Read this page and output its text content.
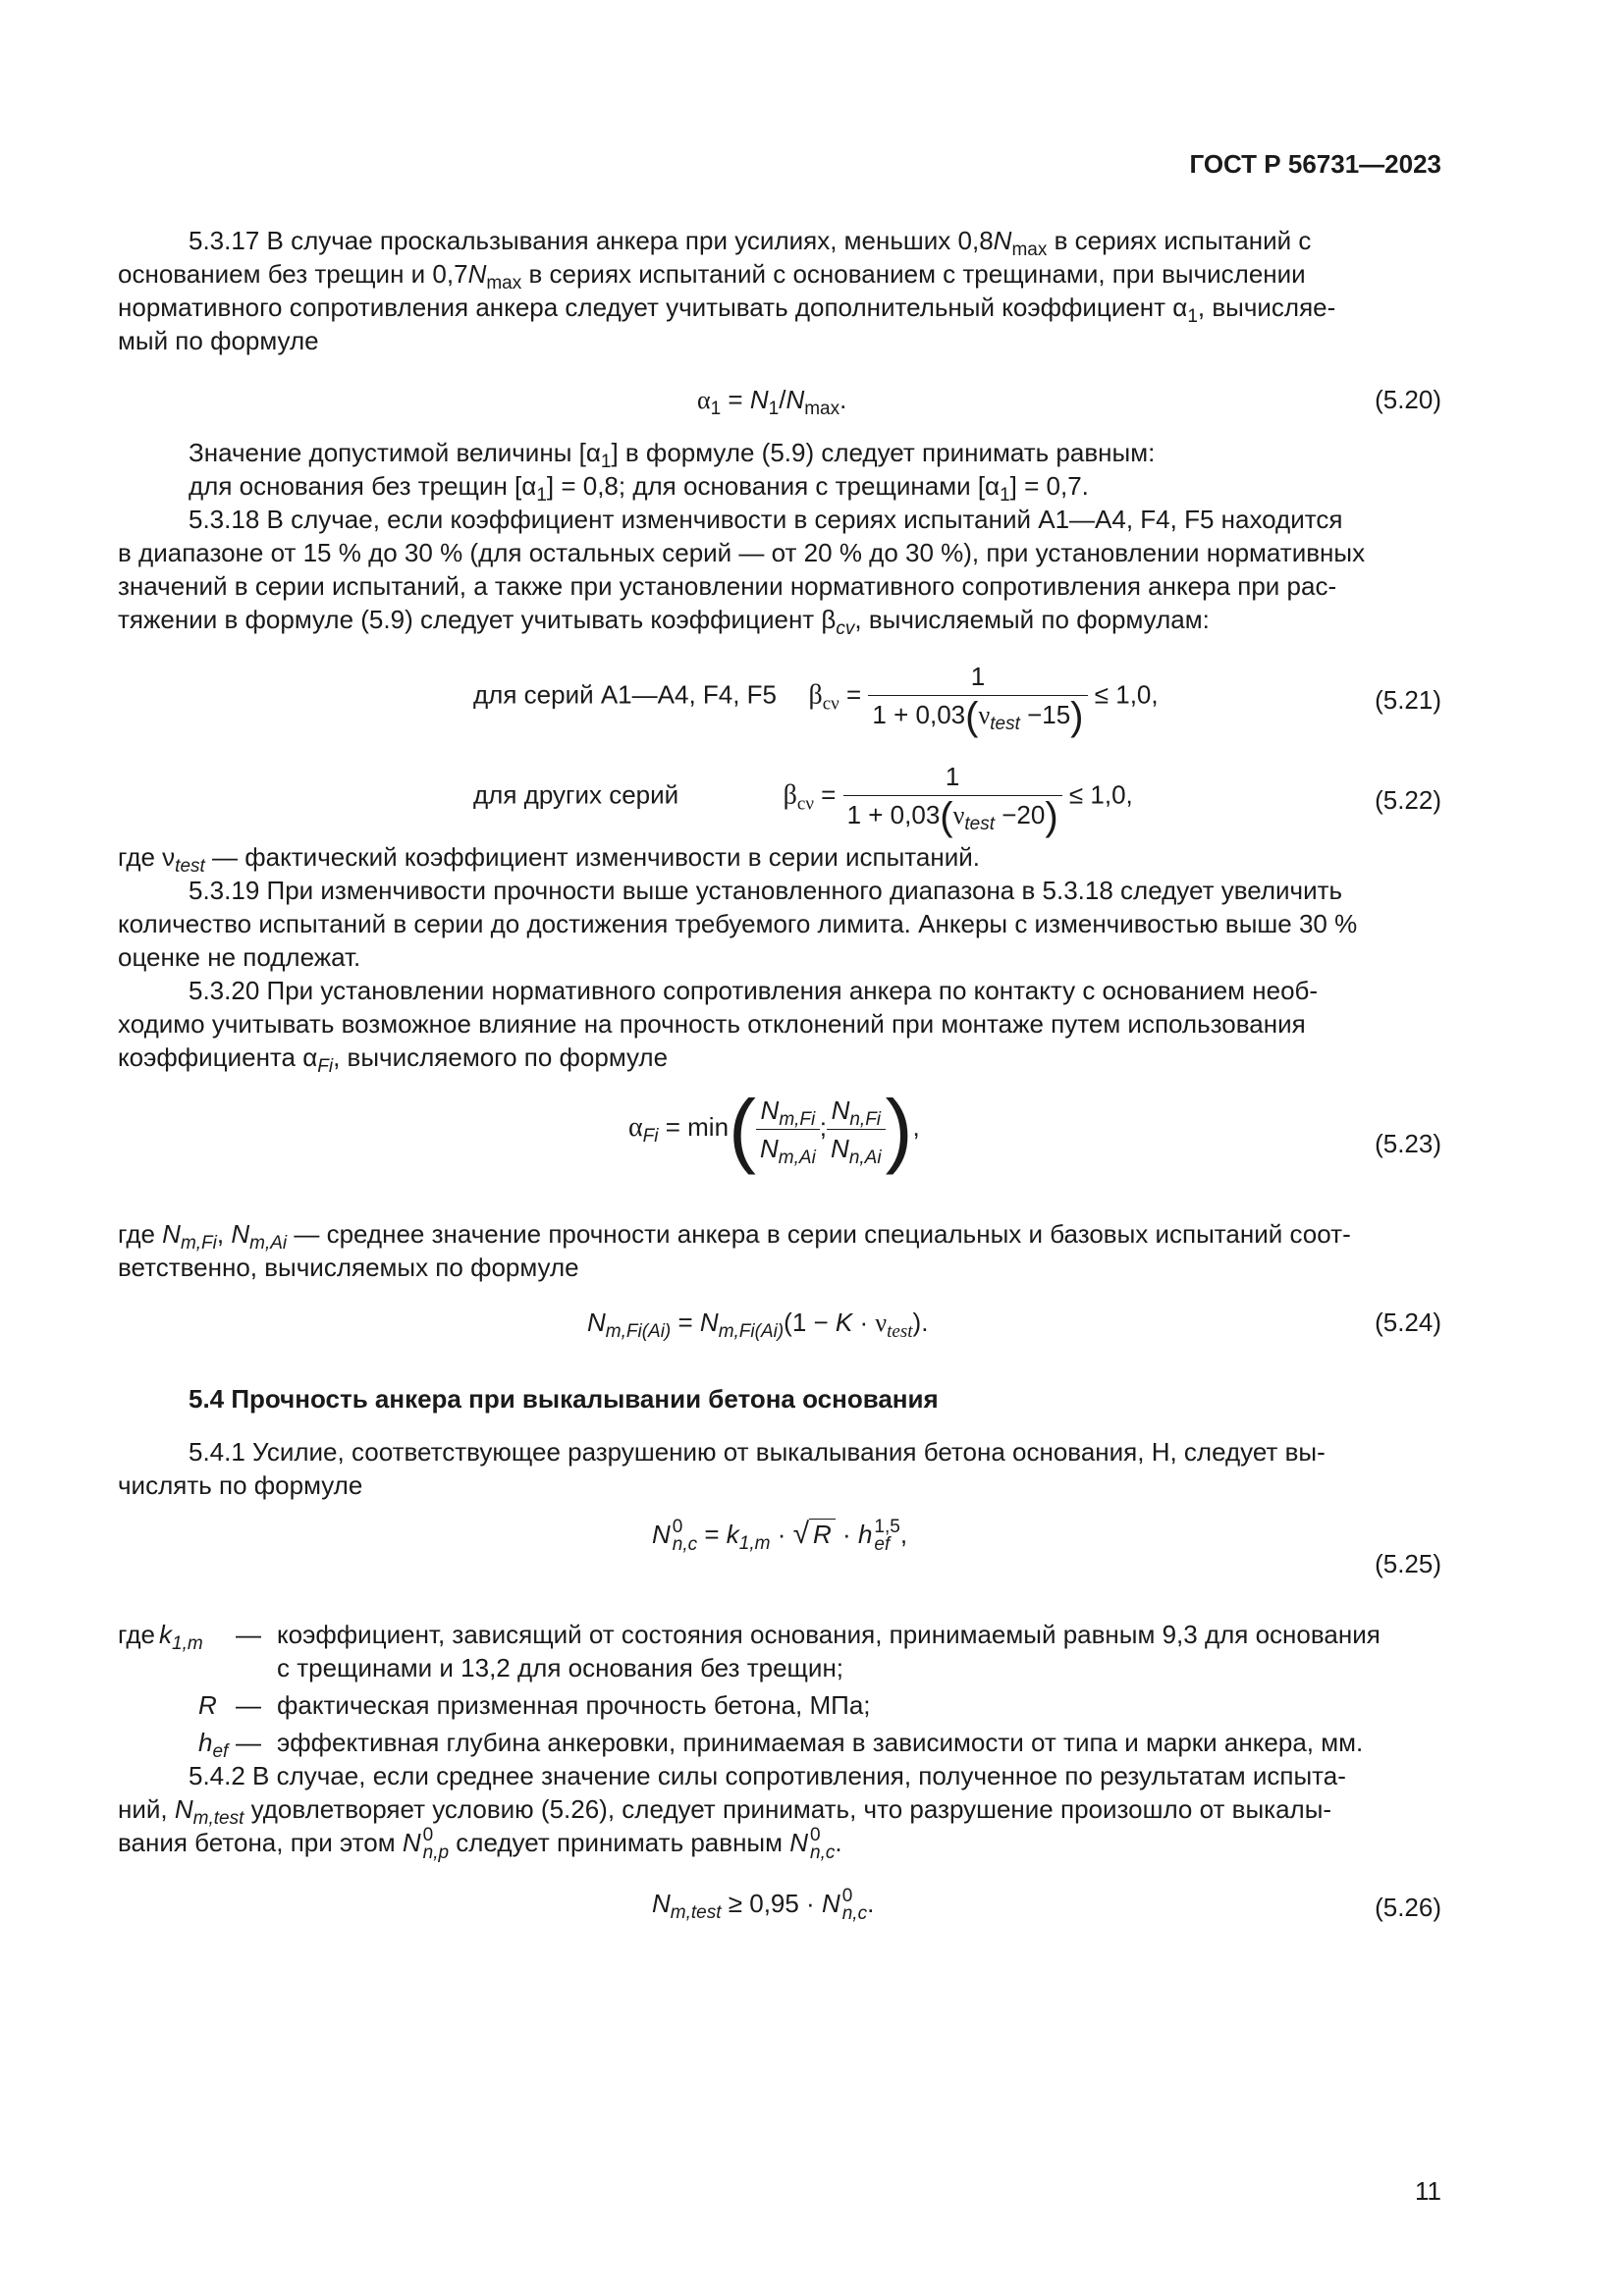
ГОСТ Р 56731—2023

5.3.17 В случае проскальзывания анкера при усилиях, меньших $0,8N_{max}$ в сериях испытаний с

основанием без трещин и $0,7N_{max}$ в сериях испытаний с основанием с трещинами, при вычислении

нормативного сопротивления анкера следует учитывать дополнительный коэффициент $\alpha_1$, вычисляе-

мый по формуле

$\alpha_1 = N_1/N_{max}$.	(5.20)

Значение допустимой величины $[\alpha_1]$ в формуле (5.9) следует принимать равным:

для основания без трещин $[\alpha_1] = 0,8$; для основания с трещинами $[\alpha_1] = 0,7$.

5.3.18 В случае, если коэффициент изменчивости в сериях испытаний А1—А4, F4, F5 находится

в диапазоне от 15 % до 30 % (для остальных серий — от 20 % до 30 %), при установлении нормативных

значений в серии испытаний, а также при установлении нормативного сопротивления анкера при рас-

тяжении в формуле (5.9) следует учитывать коэффициент $\beta_{cv}$, вычисляемый по формулам:

для серий А1—А4, F4, F5 $\beta_{c\nu} = \frac{1}{1 + 0,03(\nu_{test} -15)} \le 1,0$,	(5.21)
для других серий	$\beta_{c\nu} = \frac{1}{1 + 0,03(\nu_{test} -20)} \le 1,0$,	(5.22)

где $\nu_{test}$ — фактический коэффициент изменчивости в серии испытаний.

5.3.19 При изменчивости прочности выше установленного диапазона в 5.3.18 следует увеличить

количество испытаний в серии до достижения требуемого лимита. Анкеры с изменчивостью выше 30 %

оценке не подлежат.

5.3.20 При установлении нормативного сопротивления анкера по контакту с основанием необ-

ходимо учитывать возможное влияние на прочность отклонений при монтаже путем использования

коэффициента $\alpha_{Fi}$, вычисляемого по формуле

$\alpha_{Fi} = \min( \frac{N_{m,Fi}}{N_{m,Ai}}$ ; $\frac{N_{n,Fi}}{N_{n,Ai}}$ ),
(5.23)

где $N_{m,Fi}$, $N_{m,Ai}$ — среднее значение прочности анкера в серии специальных и базовых испытаний соот-

ветственно, вычисляемых по формуле

$N_{m,Fi(Ai)} = N_{m,Fi(Ai)}(1 - K \cdot \nu_{test})$.	(5.24)

5.4 Прочность анкера при выкалывании бетона основания

5.4.1 Усилие, соответствующее разрушению от выкалывания бетона основания, Н, следует вы-

числять по формуле

N 0
$n,c = k_{1,m}$ · √ R · h 1,5
ef ,
(5.25)
где $k_{1,m}$ — коэффициент, зависящий от состояния основания, принимаемый равным 9,3 для основания
с трещинами и 13,2 для основания без трещин;
R — фактическая призменная прочность бетона, МПа;
$h_{ef}$ — эффективная глубина анкеровки, принимаемая в зависимости от типа и марки анкера, мм.

5.4.2 В случае, если среднее значение силы сопротивления, полученное по результатам испыта-

ний, $N_{m,test}$ удовлетворяет условию (5.26), следует принимать, что разрушение произошло от выкалы-

вания бетона, при этом N 0
n,p следует принимать равным N 0
n,c .

$N_{m,test} \ge 0,95 \cdot N$ 0
n,c .	(5.26)
11
